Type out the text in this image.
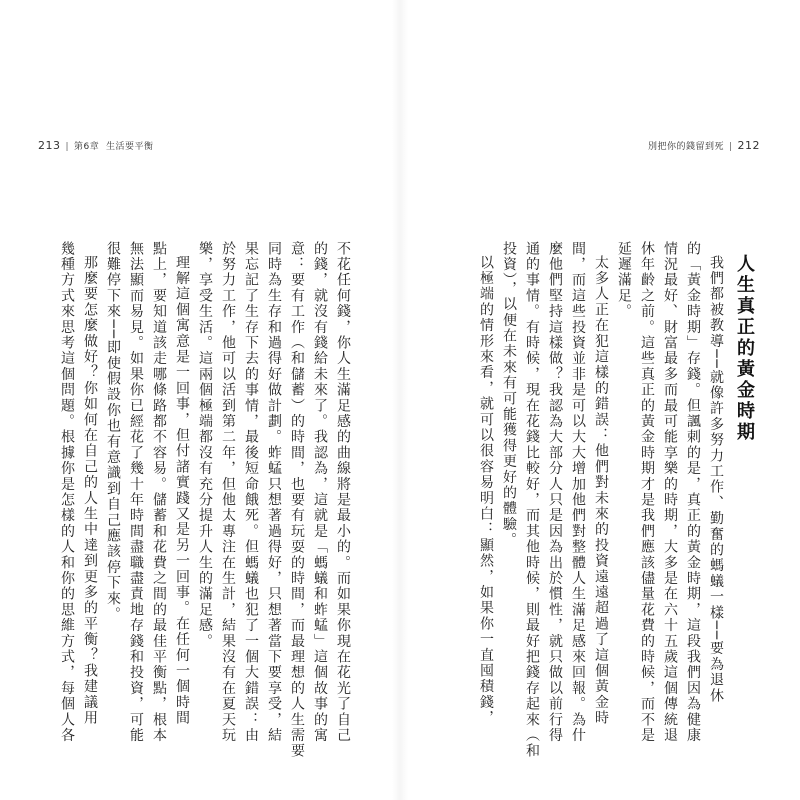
213 | 第6章 生活要平衡	別把你的錢留到死 | 212
人生真正的黃金時期
我們都被教導──就像許多努力工作、勤奮的螞蟻一樣──要為退休
的「黃金時期」存錢。但諷刺的是，真正的黃金時期，這段我們因為健康
情況最好、財富最多而最可能享樂的時期，大多是在六十五歲這個傳統退
休年齡之前。這些真正的黃金時期才是我們應該儘量花費的時候，而不是
延遲滿足。
太多人正在犯這樣的錯誤：他們對未來的投資遠遠超過了這個黃金時
間，而這些投資並非是可以大大增加他們對整體人生滿足感來回報。為什
麼他們堅持這樣做？我認為大部分人只是因為出於慣性，就只做以前行得
通的事情。有時候，現在花錢比較好，而其他時候，則最好把錢存起來（和
投資），以便在未來有可能獲得更好的體驗。
以極端的情形來看，就可以很容易明白：顯然，如果你一直囤積錢，
不花任何錢，你人生滿足感的曲線將是最小的。而如果你現在花光了自己
的錢，就沒有錢給未來了。我認為，這就是「螞蟻和蚱蜢」這個故事的寓
意：要有工作（和儲蓄）的時間，也要有玩耍的時間，而最理想的人生需要
同時為生存和過得好做計劃。蚱蜢只想著過得好，只想著當下要享受，結
果忘記了生存下去的事情，最後短命餓死。但螞蟻也犯了一個大錯誤：由
於努力工作，他可以活到第二年，但他太專注在生計，結果沒有在夏天玩
樂，享受生活。這兩個極端都沒有充分提升人生的滿足感。
理解這個寓意是一回事，但付諸實踐又是另一回事。在任何一個時間
點上，要知道該走哪條路都不容易。儲蓄和花費之間的最佳平衡點，根本
無法顯而易見。如果你已經花了幾十年時間盡職盡責地存錢和投資，可能
很難停下來──即使假設你也有意識到自己應該停下來。
那麼要怎麼做好？你如何在自己的人生中達到更多的平衡？我建議用
幾種方式來思考這個問題。根據你是怎樣的人和你的思維方式，每個人各
